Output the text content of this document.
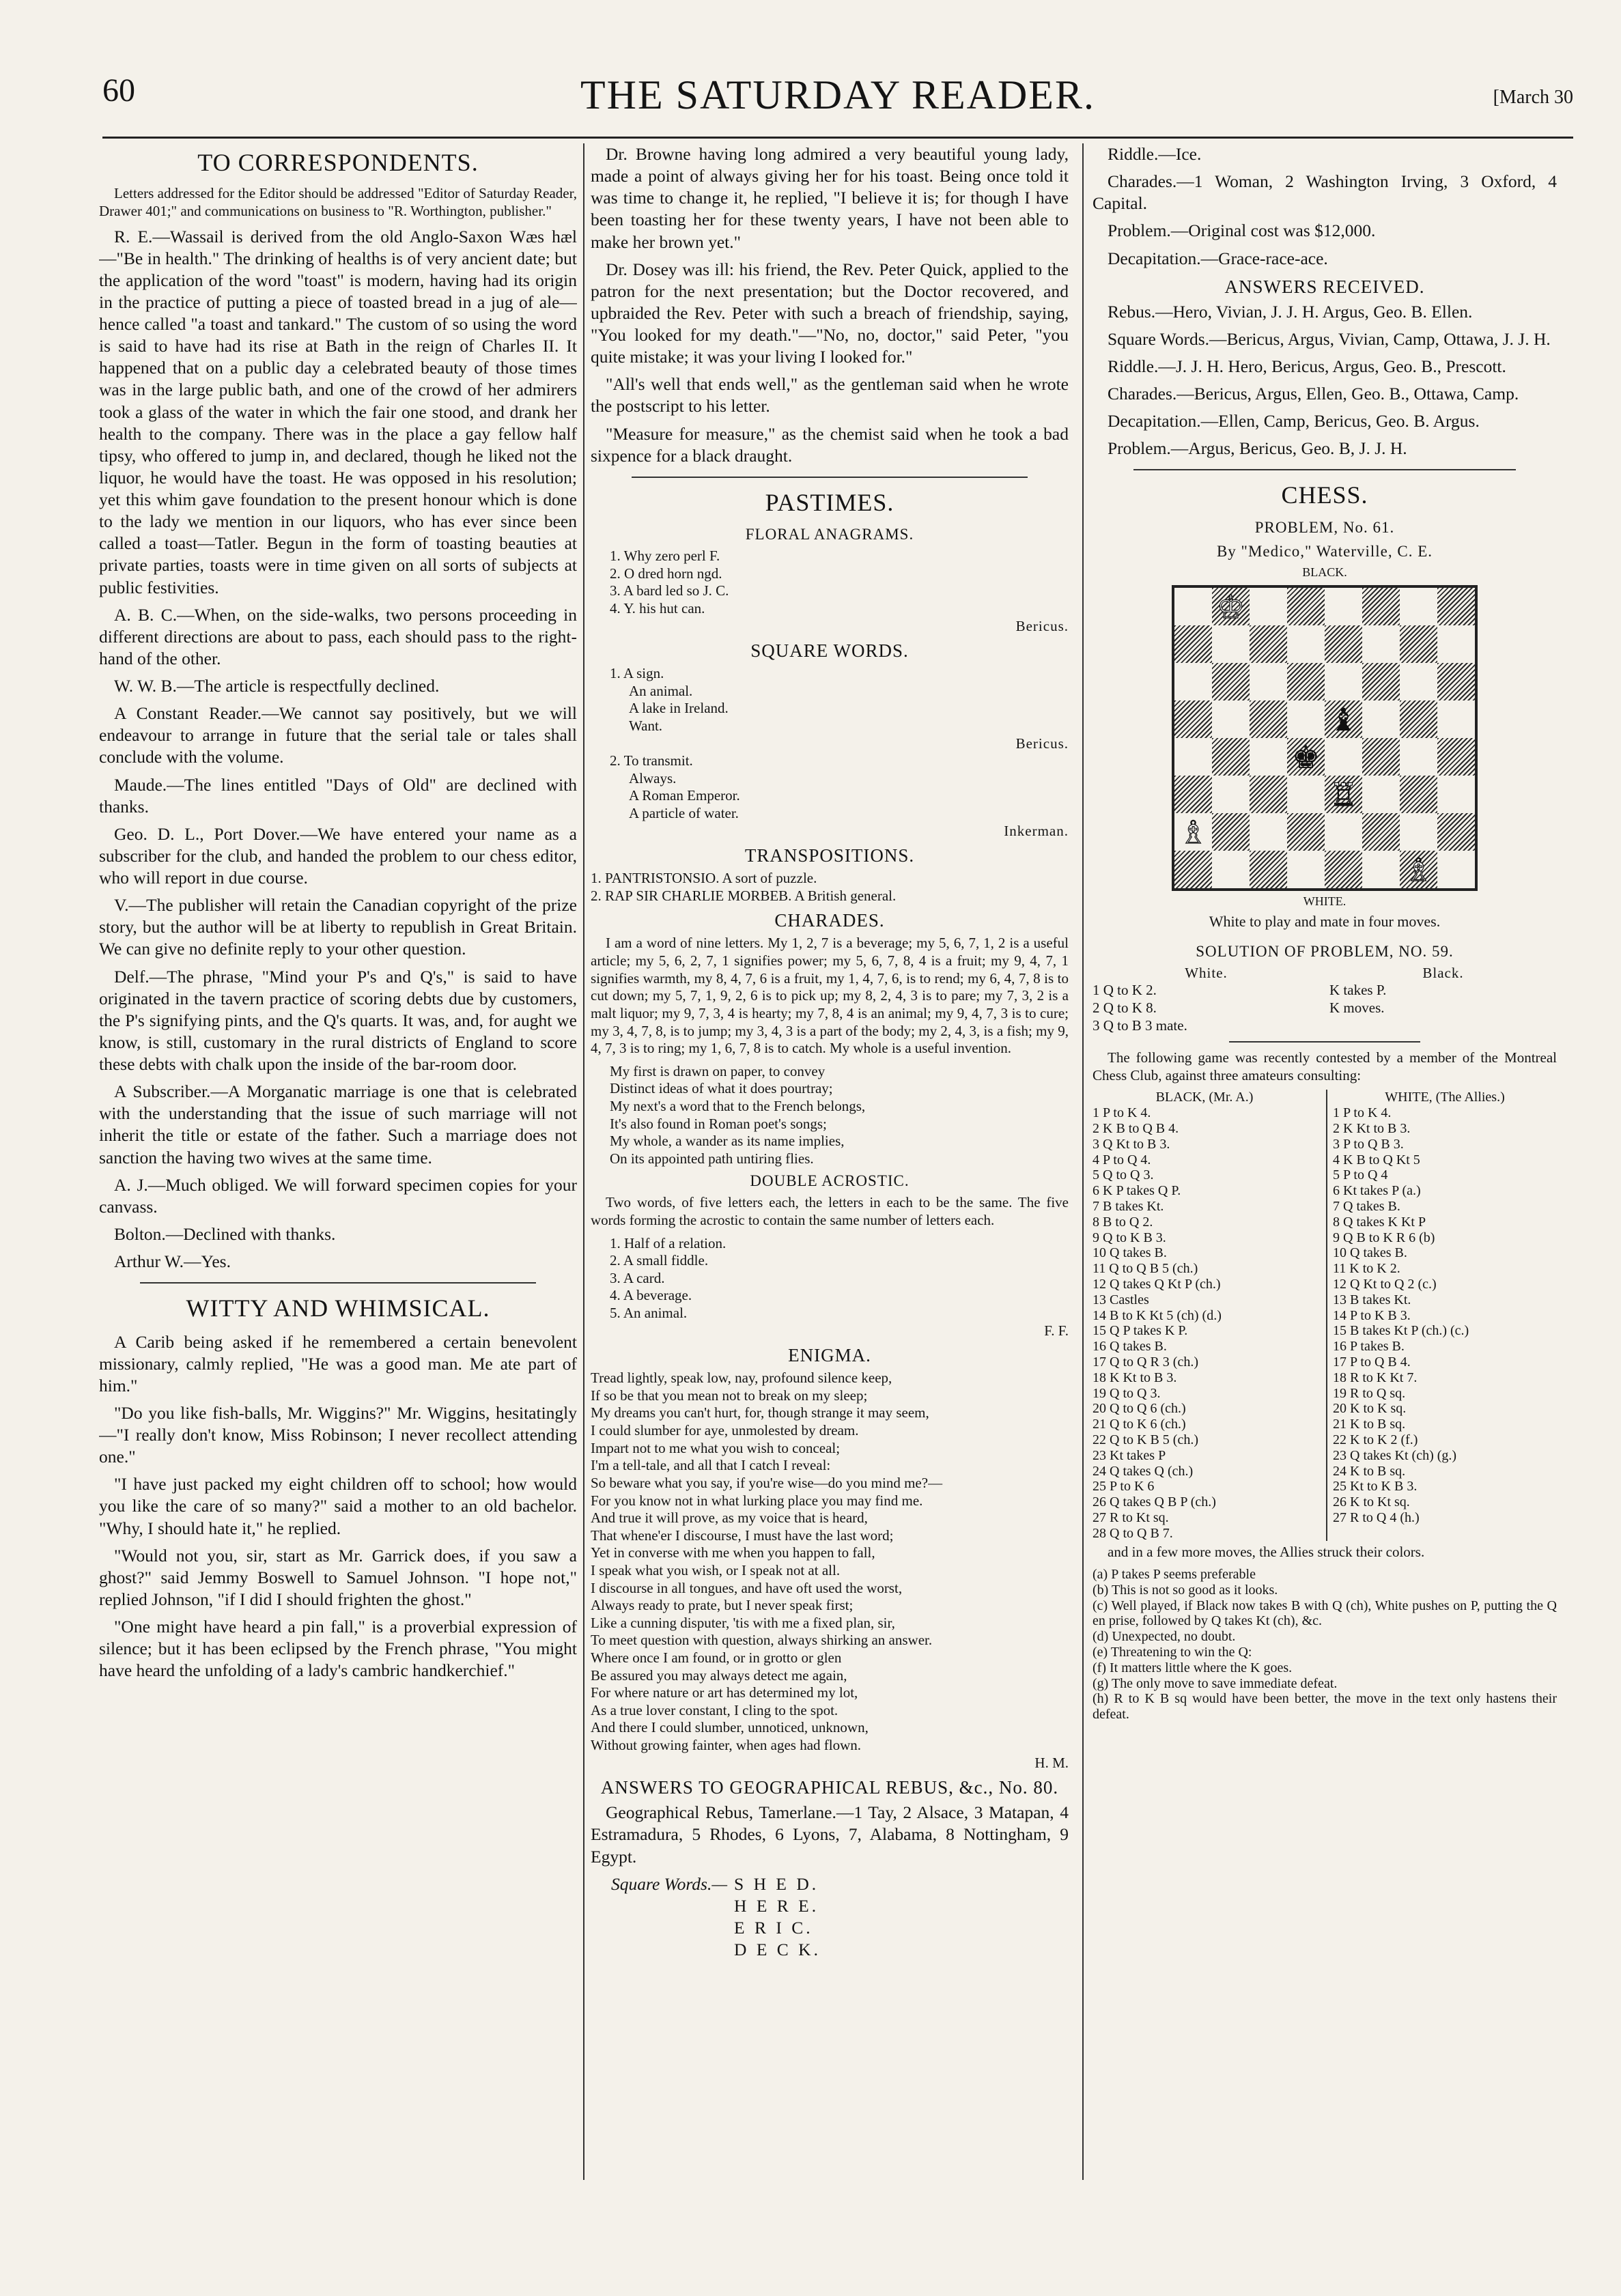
60	THE SATURDAY READER.	[March 30
TO CORRESPONDENTS.

Letters addressed for the Editor should be addressed "Editor of Saturday Reader, Drawer 401;" and communications on business to "R. Worthington, publisher."

R. E.—Wassail is derived from the old Anglo-Saxon Wæs hæl—"Be in health." The drinking of healths is of very ancient date; but the application of the word "toast" is modern, having had its origin in the practice of putting a piece of toasted bread in a jug of ale—hence called "a toast and tankard." The custom of so using the word is said to have had its rise at Bath in the reign of Charles II. It happened that on a public day a celebrated beauty of those times was in the large public bath, and one of the crowd of her admirers took a glass of the water in which the fair one stood, and drank her health to the company. There was in the place a gay fellow half tipsy, who offered to jump in, and declared, though he liked not the liquor, he would have the toast. He was opposed in his resolution; yet this whim gave foundation to the present honour which is done to the lady we mention in our liquors, who has ever since been called a toast—Tatler. Begun in the form of toasting beauties at private parties, toasts were in time given on all sorts of subjects at public festivities.

A. B. C.—When, on the side-walks, two persons proceeding in different directions are about to pass, each should pass to the right-hand of the other.

W. W. B.—The article is respectfully declined.

A Constant Reader.—We cannot say positively, but we will endeavour to arrange in future that the serial tale or tales shall conclude with the volume.

Maude.—The lines entitled "Days of Old" are declined with thanks.

Geo. D. L., Port Dover.—We have entered your name as a subscriber for the club, and handed the problem to our chess editor, who will report in due course.

V.—The publisher will retain the Canadian copyright of the prize story, but the author will be at liberty to republish in Great Britain. We can give no definite reply to your other question.

Delf.—The phrase, "Mind your P's and Q's," is said to have originated in the tavern practice of scoring debts due by customers, the P's signifying pints, and the Q's quarts. It was, and, for aught we know, is still, customary in the rural districts of England to score these debts with chalk upon the inside of the bar-room door.

A Subscriber.—A Morganatic marriage is one that is celebrated with the understanding that the issue of such marriage will not inherit the title or estate of the father. Such a marriage does not sanction the having two wives at the same time.

A. J.—Much obliged. We will forward specimen copies for your canvass.

Bolton.—Declined with thanks.

Arthur W.—Yes.

WITTY AND WHIMSICAL.

A Carib being asked if he remembered a certain benevolent missionary, calmly replied, "He was a good man. Me ate part of him."

"Do you like fish-balls, Mr. Wiggins?" Mr. Wiggins, hesitatingly—"I really don't know, Miss Robinson; I never recollect attending one."

"I have just packed my eight children off to school; how would you like the care of so many?" said a mother to an old bachelor. "Why, I should hate it," he replied.

"Would not you, sir, start as Mr. Garrick does, if you saw a ghost?" said Jemmy Boswell to Samuel Johnson. "I hope not," replied Johnson, "if I did I should frighten the ghost."

"One might have heard a pin fall," is a proverbial expression of silence; but it has been eclipsed by the French phrase, "You might have heard the unfolding of a lady's cambric handkerchief."

Dr. Browne having long admired a very beautiful young lady, made a point of always giving her for his toast. Being once told it was time to change it, he replied, "I believe it is; for though I have been toasting her for these twenty years, I have not been able to make her brown yet."

Dr. Dosey was ill: his friend, the Rev. Peter Quick, applied to the patron for the next presentation; but the Doctor recovered, and upbraided the Rev. Peter with such a breach of friendship, saying, "You looked for my death."—"No, no, doctor," said Peter, "you quite mistake; it was your living I looked for."

"All's well that ends well," as the gentleman said when he wrote the postscript to his letter.

"Measure for measure," as the chemist said when he took a bad sixpence for a black draught.

PASTIMES.
FLORAL ANAGRAMS.
1. Why zero perl F.
2. O dred horn ngd.
3. A bard led so J. C.
4. Y. his hut can.

Bericus.

SQUARE WORDS.
1. A sign.
An animal.
A lake in Ireland.
Want.

Bericus.

2. To transmit.
Always.
A Roman Emperor.
A particle of water.

Inkerman.

TRANSPOSITIONS.
1. PANTRISTONSIO. A sort of puzzle.
2. RAP SIR CHARLIE MORBEB. A British general.
CHARADES.

I am a word of nine letters. My 1, 2, 7 is a beverage; my 5, 6, 7, 1, 2 is a useful article; my 5, 6, 2, 7, 1 signifies power; my 5, 6, 7, 8, 4 is a fruit; my 9, 4, 7, 1 signifies warmth, my 8, 4, 7, 6 is a fruit, my 1, 4, 7, 6, is to rend; my 6, 4, 7, 8 is to cut down; my 5, 7, 1, 9, 2, 6 is to pick up; my 8, 2, 4, 3 is to pare; my 7, 3, 2 is a malt liquor; my 9, 7, 3, 4 is hearty; my 7, 8, 4 is an animal; my 9, 4, 7, 3 is to cure; my 3, 4, 7, 8, is to jump; my 3, 4, 3 is a part of the body; my 2, 4, 3, is a fish; my 9, 4, 7, 3 is to ring; my 1, 6, 7, 8 is to catch. My whole is a useful invention.

My first is drawn on paper, to convey
Distinct ideas of what it does pourtray;
My next's a word that to the French belongs,
It's also found in Roman poet's songs;
My whole, a wander as its name implies,
On its appointed path untiring flies.
DOUBLE ACROSTIC.

Two words, of five letters each, the letters in each to be the same. The five words forming the acrostic to contain the same number of letters each.

1. Half of a relation.
2. A small fiddle.
3. A card.
4. A beverage.
5. An animal.

F. F.

ENIGMA.
Tread lightly, speak low, nay, profound silence keep,
If so be that you mean not to break on my sleep;
My dreams you can't hurt, for, though strange it may seem,
I could slumber for aye, unmolested by dream.
Impart not to me what you wish to conceal;
I'm a tell-tale, and all that I catch I reveal:
So beware what you say, if you're wise—do you mind me?—
For you know not in what lurking place you may find me.
And true it will prove, as my voice that is heard,
That whene'er I discourse, I must have the last word;
Yet in converse with me when you happen to fall,
I speak what you wish, or I speak not at all.
I discourse in all tongues, and have oft used the worst,
Always ready to prate, but I never speak first;
Like a cunning disputer, 'tis with me a fixed plan, sir,
To meet question with question, always shirking an answer.
Where once I am found, or in grotto or glen
Be assured you may always detect me again,
For where nature or art has determined my lot,
As a true lover constant, I cling to the spot.
And there I could slumber, unnoticed, unknown,
Without growing fainter, when ages had flown.

H. M.

ANSWERS TO GEOGRAPHICAL REBUS, &c., No. 80.

Geographical Rebus, Tamerlane.—1 Tay, 2 Alsace, 3 Matapan, 4 Estramadura, 5 Rhodes, 6 Lyons, 7, Alabama, 8 Nottingham, 9 Egypt.

Square Words.— S H E D.
H E R E.
E R I C.
D E C K.

Riddle.—Ice.

Charades.—1 Woman, 2 Washington Irving, 3 Oxford, 4 Capital.

Problem.—Original cost was $12,000.

Decapitation.—Grace-race-ace.

ANSWERS RECEIVED.

Rebus.—Hero, Vivian, J. J. H. Argus, Geo. B. Ellen.

Square Words.—Bericus, Argus, Vivian, Camp, Ottawa, J. J. H.

Riddle.—J. J. H. Hero, Bericus, Argus, Geo. B., Prescott.

Charades.—Bericus, Argus, Ellen, Geo. B., Ottawa, Camp.

Decapitation.—Ellen, Camp, Bericus, Geo. B. Argus.

Problem.—Argus, Bericus, Geo. B, J. J. H.

CHESS.
PROBLEM, No. 61.
By "Medico," Waterville, C. E.
BLACK.
♔
♝
♚
♖
♗
♗
WHITE.
White to play and mate in four moves.
SOLUTION OF PROBLEM, NO. 59.
White.
1 Q to K 2.
2 Q to K 8.
3 Q to B 3 mate.
Black.
K takes P.
K moves.

The following game was recently contested by a member of the Montreal Chess Club, against three amateurs consulting:

BLACK, (Mr. A.)
1 P to K 4.
2 K B to Q B 4.
3 Q Kt to B 3.
4 P to Q 4.
5 Q to Q 3.
6 K P takes Q P.
7 B takes Kt.
8 B to Q 2.
9 Q to K B 3.
10 Q takes B.
11 Q to Q B 5 (ch.)
12 Q takes Q Kt P (ch.)
13 Castles
14 B to K Kt 5 (ch) (d.)
15 Q P takes K P.
16 Q takes B.
17 Q to Q R 3 (ch.)
18 K Kt to B 3.
19 Q to Q 3.
20 Q to Q 6 (ch.)
21 Q to K 6 (ch.)
22 Q to K B 5 (ch.)
23 Kt takes P
24 Q takes Q (ch.)
25 P to K 6
26 Q takes Q B P (ch.)
27 R to Kt sq.
28 Q to Q B 7.
WHITE, (The Allies.)
1 P to K 4.
2 K Kt to B 3.
3 P to Q B 3.
4 K B to Q Kt 5
5 P to Q 4
6 Kt takes P (a.)
7 Q takes B.
8 Q takes K Kt P
9 Q B to K R 6 (b)
10 Q takes B.
11 K to K 2.
12 Q Kt to Q 2 (c.)
13 B takes Kt.
14 P to K B 3.
15 B takes Kt P (ch.) (c.)
16 P takes B.
17 P to Q B 4.
18 R to K Kt 7.
19 R to Q sq.
20 K to K sq.
21 K to B sq.
22 K to K 2 (f.)
23 Q takes Kt (ch) (g.)
24 K to B sq.
25 Kt to K B 3.
26 K to Kt sq.
27 R to Q 4 (h.)

and in a few more moves, the Allies struck their colors.

(a) P takes P seems preferable
(b) This is not so good as it looks.
(c) Well played, if Black now takes B with Q (ch), White pushes on P, putting the Q en prise, followed by Q takes Kt (ch), &c.
(d) Unexpected, no doubt.
(e) Threatening to win the Q:
(f) It matters little where the K goes.
(g) The only move to save immediate defeat.
(h) R to K B sq would have been better, the move in the text only hastens their defeat.
